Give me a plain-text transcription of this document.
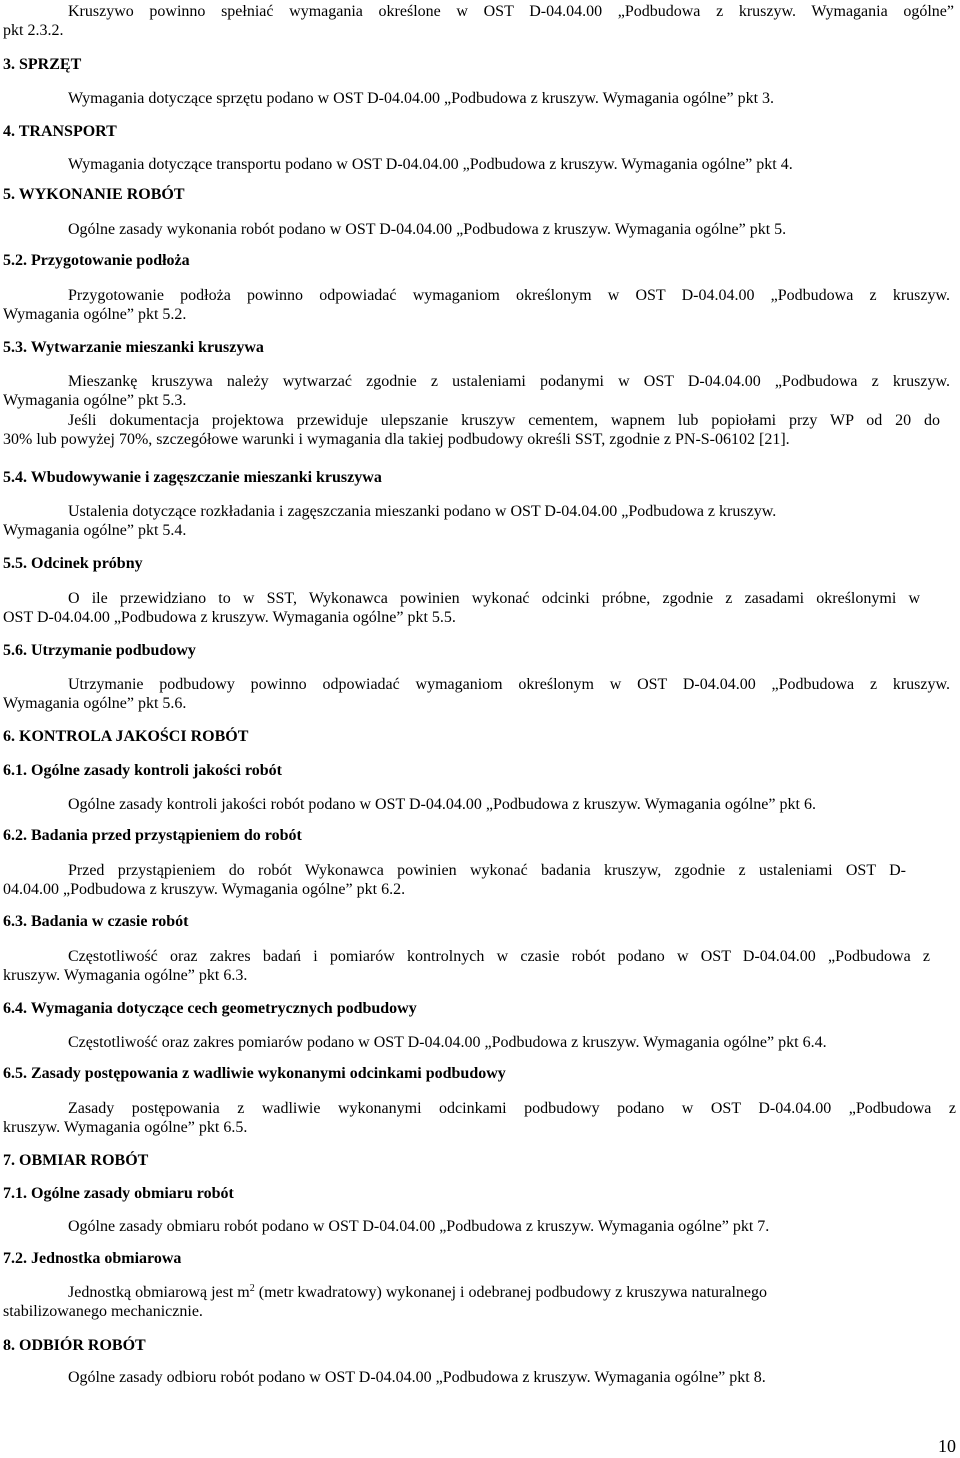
Kruszywo powinno spełniać wymagania określone w OST D-04.04.00 „Podbudowa z kruszyw. Wymagania ogólne”
pkt 2.3.2.
3. SPRZĘT
Wymagania dotyczące sprzętu podano w OST D-04.04.00 „Podbudowa z kruszyw. Wymagania ogólne” pkt 3.
4. TRANSPORT
Wymagania dotyczące transportu podano w OST D-04.04.00 „Podbudowa z kruszyw. Wymagania ogólne” pkt 4.
5. WYKONANIE ROBÓT
Ogólne zasady wykonania robót podano w OST D-04.04.00 „Podbudowa z kruszyw. Wymagania ogólne” pkt 5.
5.2. Przygotowanie podłoża
Przygotowanie podłoża powinno odpowiadać wymaganiom określonym w OST D-04.04.00 „Podbudowa z kruszyw.
Wymagania ogólne” pkt 5.2.
5.3. Wytwarzanie mieszanki kruszywa
Mieszankę kruszywa należy wytwarzać zgodnie z ustaleniami podanymi w OST D-04.04.00 „Podbudowa z kruszyw.
Wymagania ogólne” pkt 5.3.
Jeśli dokumentacja projektowa przewiduje ulepszanie kruszyw cementem, wapnem lub popiołami przy WP od 20 do
30% lub powyżej 70%, szczegółowe warunki i wymagania dla takiej podbudowy określi SST, zgodnie z PN-S-06102 [21].
5.4. Wbudowywanie i zagęszczanie mieszanki kruszywa
Ustalenia dotyczące rozkładania i zagęszczania mieszanki podano w OST D-04.04.00 „Podbudowa z kruszyw.
Wymagania ogólne” pkt 5.4.
5.5. Odcinek próbny
O ile przewidziano to w SST, Wykonawca powinien wykonać odcinki próbne, zgodnie z zasadami określonymi w
OST D-04.04.00 „Podbudowa z kruszyw. Wymagania ogólne” pkt 5.5.
5.6. Utrzymanie podbudowy
Utrzymanie podbudowy powinno odpowiadać wymaganiom określonym w OST D-04.04.00 „Podbudowa z kruszyw.
Wymagania ogólne” pkt 5.6.
6. KONTROLA JAKOŚCI ROBÓT
6.1. Ogólne zasady kontroli jakości robót
Ogólne zasady kontroli jakości robót podano w OST D-04.04.00 „Podbudowa z kruszyw. Wymagania ogólne” pkt 6.
6.2. Badania przed przystąpieniem do robót
Przed przystąpieniem do robót Wykonawca powinien wykonać badania kruszyw, zgodnie z ustaleniami OST D-
04.04.00 „Podbudowa z kruszyw. Wymagania ogólne” pkt 6.2.
6.3. Badania w czasie robót
Częstotliwość oraz zakres badań i pomiarów kontrolnych w czasie robót podano w OST D-04.04.00 „Podbudowa z
kruszyw. Wymagania ogólne” pkt 6.3.
6.4. Wymagania dotyczące cech geometrycznych podbudowy
Częstotliwość oraz zakres pomiarów podano w OST D-04.04.00 „Podbudowa z kruszyw. Wymagania ogólne” pkt 6.4.
6.5. Zasady postępowania z wadliwie wykonanymi odcinkami podbudowy
Zasady postępowania z wadliwie wykonanymi odcinkami podbudowy podano w OST D-04.04.00 „Podbudowa z
kruszyw. Wymagania ogólne” pkt 6.5.
7. OBMIAR ROBÓT
7.1. Ogólne zasady obmiaru robót
Ogólne zasady obmiaru robót podano w OST D-04.04.00 „Podbudowa z kruszyw. Wymagania ogólne” pkt 7.
7.2. Jednostka obmiarowa
Jednostką obmiarową jest $m^2$ (metr kwadratowy) wykonanej i odebranej podbudowy z kruszywa naturalnego
stabilizowanego mechanicznie.
8. ODBIÓR ROBÓT
Ogólne zasady odbioru robót podano w OST D-04.04.00 „Podbudowa z kruszyw. Wymagania ogólne” pkt 8.
10
